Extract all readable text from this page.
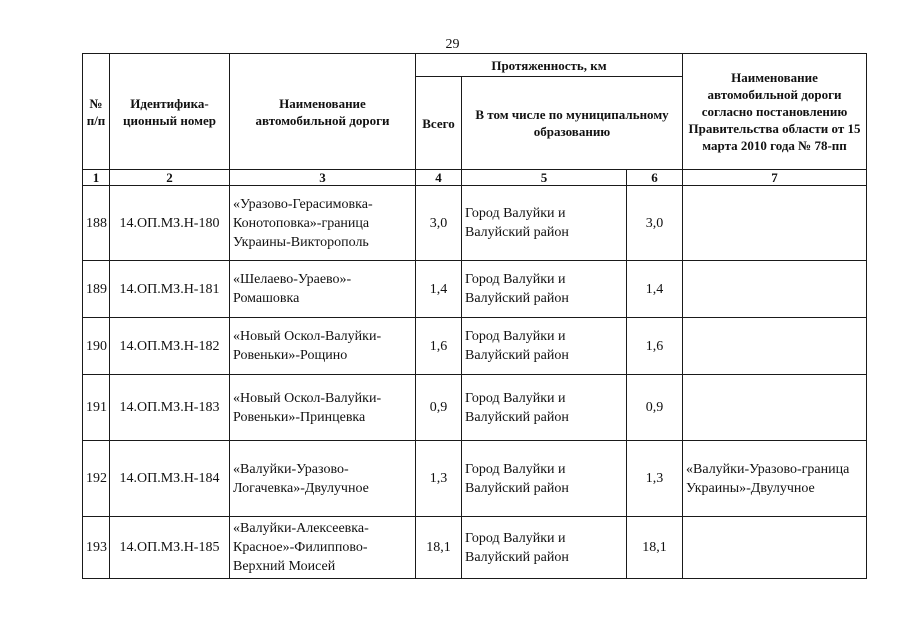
29
№ п/п	Идентифика- ционный номер	Наименование автомобильной дороги	Протяженность, км			Наименование автомобильной дороги согласно постановлению Правительства области от 15 марта 2010 года № 78-пп
			Всего	В том числе по муниципальному образованию		
1	2	3	4	5	6	7
188	14.ОП.МЗ.Н-180	«Уразово-Герасимовка-Конотоповка»-граница Украины-Викторополь	3,0	Город Валуйки и Валуйский район	3,0	
189	14.ОП.МЗ.Н-181	«Шелаево-Ураево»-Ромашовка	1,4	Город Валуйки и Валуйский район	1,4	
190	14.ОП.МЗ.Н-182	«Новый Оскол-Валуйки-Ровеньки»-Рощино	1,6	Город Валуйки и Валуйский район	1,6	
191	14.ОП.МЗ.Н-183	«Новый Оскол-Валуйки-Ровеньки»-Принцевка	0,9	Город Валуйки и Валуйский район	0,9	
192	14.ОП.МЗ.Н-184	«Валуйки-Уразово-Логачевка»-Двулучное	1,3	Город Валуйки и Валуйский район	1,3	«Валуйки-Уразово-граница Украины»-Двулучное
193	14.ОП.МЗ.Н-185	«Валуйки-Алексеевка-Красное»-Филиппово-Верхний Моисей	18,1	Город Валуйки и Валуйский район	18,1	
